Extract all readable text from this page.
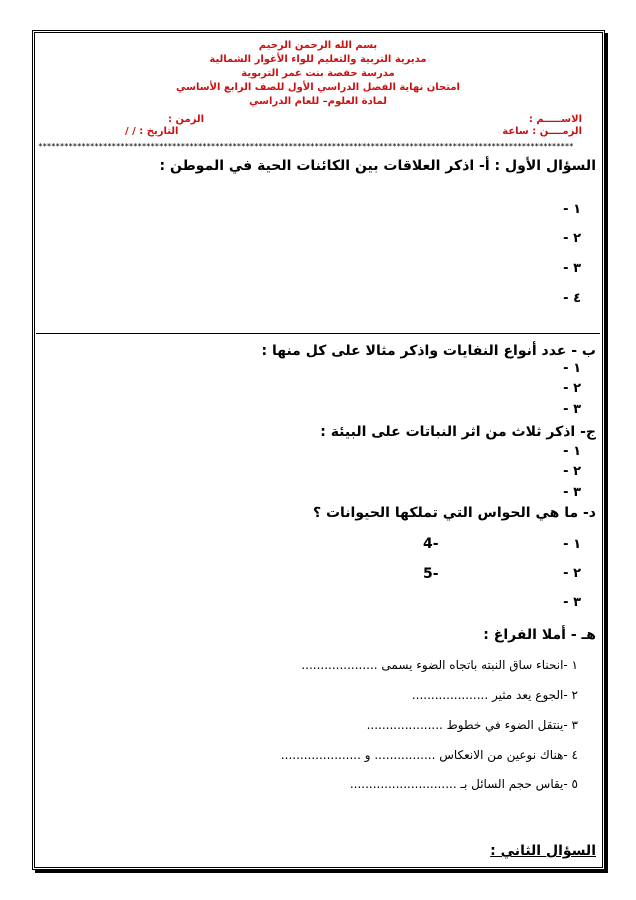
بسم الله الرحمن الرحيم
مديرية التربية والتعليم للواء الأغوار الشمالية
مدرسة حفصة بنت عمر التربوية
امتحان نهاية الفصل الدراسي الأول للصف الرابع الأساسي
لمادة العلوم– للعام الدراسي
الاســـــم :
الزمــــن : ساعة
الزمن :
التاريخ : / /
****************************************************************************************************************************
السؤال الأول : أ- اذكر العلاقات بين الكائنات الحية في الموطن :
١ -
٢ -
٣ -
٤ -
ب - عدد أنواع النفايات واذكر مثالا على كل منها :
١ -
٢ -
٣ -
ج- اذكر ثلاث من اثر النباتات على البيئة :
١ -
٢ -
٣ -
د- ما هي الحواس التي تملكها الحيوانات ؟
١ -
٢ -
٣ -
4-
5-
هـ - أملا الفراغ :
١ -انحناء ساق النبته باتجاه الضوء يسمى ....................
٢ -الجوع يعد مثير ....................
٣ -ينتقل الضوء في خطوط ....................
٤ -هناك نوعين من الانعكاس ................ و .....................
٥ -يقاس حجم السائل بـ ............................
السؤال الثاني :
